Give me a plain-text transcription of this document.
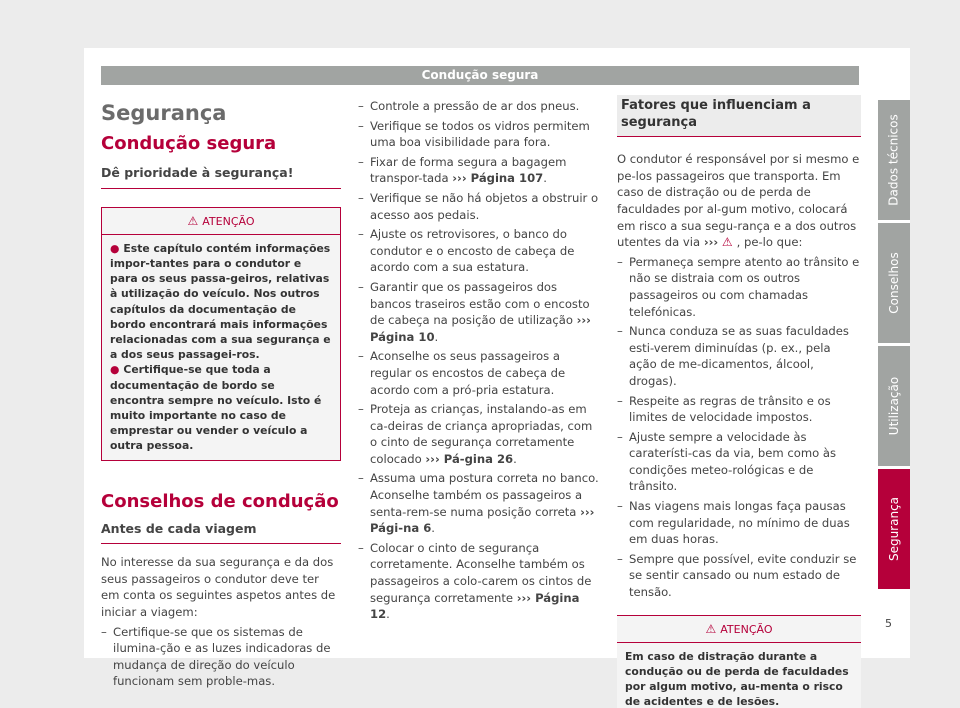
Condução segura
Segurança
Condução segura
Dê prioridade à segurança!
⚠ ATENÇÃO
● Este capítulo contém informações impor-tantes para o condutor e para os seus passa-geiros, relativas à utilização do veículo. Nos outros capítulos da documentação de bordo encontrará mais informações relacionadas com a sua segurança e a dos seus passagei-ros.
● Certifique-se que toda a documentação de bordo se encontra sempre no veículo. Isto é muito importante no caso de emprestar ou vender o veículo a outra pessoa.
Conselhos de condução
Antes de cada viagem

No interesse da sua segurança e da dos seus passageiros o condutor deve ter em conta os seguintes aspetos antes de iniciar a viagem:

– Certifique-se que os sistemas de ilumina-ção e as luzes indicadoras de mudança de direção do veículo funcionam sem proble-mas.
– Controle a pressão de ar dos pneus.
– Verifique se todos os vidros permitem uma boa visibilidade para fora.
– Fixar de forma segura a bagagem transpor-tada ››› Página 107.
– Verifique se não há objetos a obstruir o acesso aos pedais.
– Ajuste os retrovisores, o banco do condutor e o encosto de cabeça de acordo com a sua estatura.
– Garantir que os passageiros dos bancos traseiros estão com o encosto de cabeça na posição de utilização ››› Página 10.
– Aconselhe os seus passageiros a regular os encostos de cabeça de acordo com a pró-pria estatura.
– Proteja as crianças, instalando-as em ca-deiras de criança apropriadas, com o cinto de segurança corretamente colocado ››› Pá-gina 26.
– Assuma uma postura correta no banco. Aconselhe também os passageiros a senta-rem-se numa posição correta ››› Pági-na 6.
– Colocar o cinto de segurança corretamente. Aconselhe também os passageiros a colo-carem os cintos de segurança corretamente ››› Página 12.
Fatores que influenciam a segurança

O condutor é responsável por si mesmo e pe-los passageiros que transporta. Em caso de distração ou de perda de faculdades por al-gum motivo, colocará em risco a sua segu-rança e a dos outros utentes da via ››› ⚠ , pe-lo que:

– Permaneça sempre atento ao trânsito e não se distraia com os outros passageiros ou com chamadas telefónicas.
– Nunca conduza se as suas faculdades esti-verem diminuídas (p. ex., pela ação de me-dicamentos, álcool, drogas).
– Respeite as regras de trânsito e os limites de velocidade impostos.
– Ajuste sempre a velocidade às caraterísti-cas da via, bem como às condições meteo-rológicas e de trânsito.
– Nas viagens mais longas faça pausas com regularidade, no mínimo de duas em duas horas.
– Sempre que possível, evite conduzir se se sentir cansado ou num estado de tensão.
⚠ ATENÇÃO
Em caso de distração durante a condução ou de perda de faculdades por algum motivo, au-menta o risco de acidentes e de lesões.
Dados técnicos
Conselhos
Utilização
Segurança
5
